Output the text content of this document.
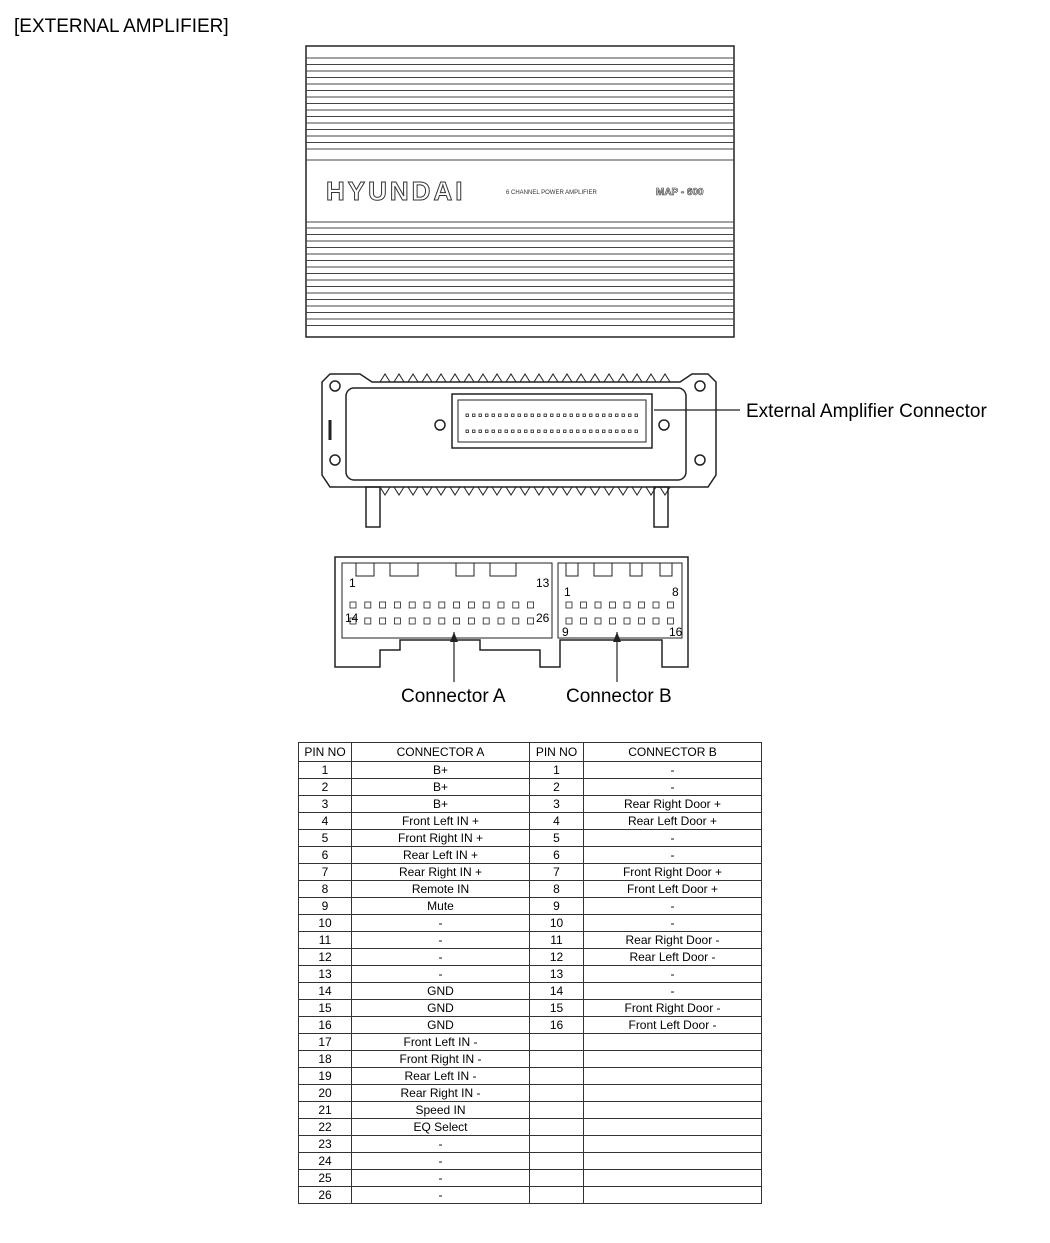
[EXTERNAL AMPLIFIER]
HYUNDAI	6 CHANNEL POWER AMPLIFIER	MAP - 600
1	13
14	26
1	8
9	16
External Amplifier Connector
Connector A	Connector B
PIN NO	CONNECTOR A	PIN NO	CONNECTOR B
1	B+	1	-
2	B+	2	-
3	B+	3	Rear Right Door +
4	Front Left IN +	4	Rear Left Door +
5	Front Right IN +	5	-
6	Rear Left IN +	6	-
7	Rear Right IN +	7	Front Right Door +
8	Remote IN	8	Front Left Door +
9	Mute	9	-
10	-	10	-
11	-	11	Rear Right Door -
12	-	12	Rear Left Door -
13	-	13	-
14	GND	14	-
15	GND	15	Front Right Door -
16	GND	16	Front Left Door -
17	Front Left IN -		
18	Front Right IN -		
19	Rear Left IN -		
20	Rear Right IN -		
21	Speed IN		
22	EQ Select		
23	-		
24	-		
25	-		
26	-		
